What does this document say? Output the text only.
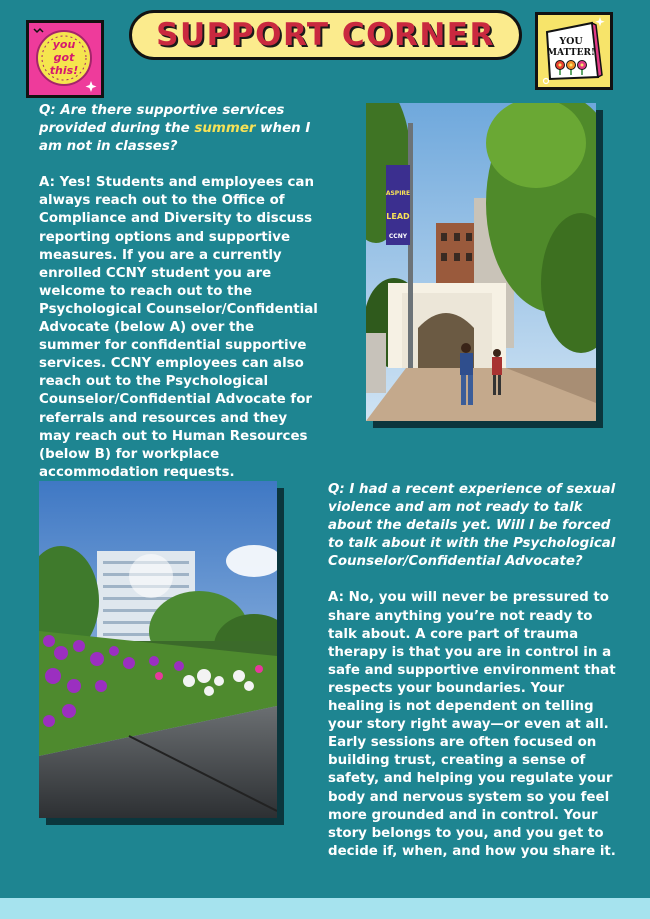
you
got
this!
SUPPORT CORNER	YOU
MATTER!

Q: Are there supportive services provided during the summer when I am not in classes?

A: Yes! Students and employees can always reach out to the Office of Compliance and Diversity to discuss reporting options and supportive measures. If you are a currently enrolled CCNY student you are welcome to reach out to the Psychological Counselor/Confidential Advocate (below A) over the summer for confidential supportive services. CCNY employees can also reach out to the Psychological Counselor/Confidential Advocate for referrals and resources and they may reach out to Human Resources (below B) for workplace accommodation requests.

ASPIRE
LEAD
CCNY

Q: I had a recent experience of sexual violence and am not ready to talk about the details yet. Will I be forced to talk about it with the Psychological Counselor/Confidential Advocate?

A: No, you will never be pressured to share anything you’re not ready to talk about. A core part of trauma therapy is that you are in control in a safe and supportive environment that respects your boundaries. Your healing is not dependent on telling your story right away—or even at all. Early sessions are often focused on building trust, creating a sense of safety, and helping you regulate your body and nervous system so you feel more grounded and in control. Your story belongs to you, and you get to decide if, when, and how you share it.
